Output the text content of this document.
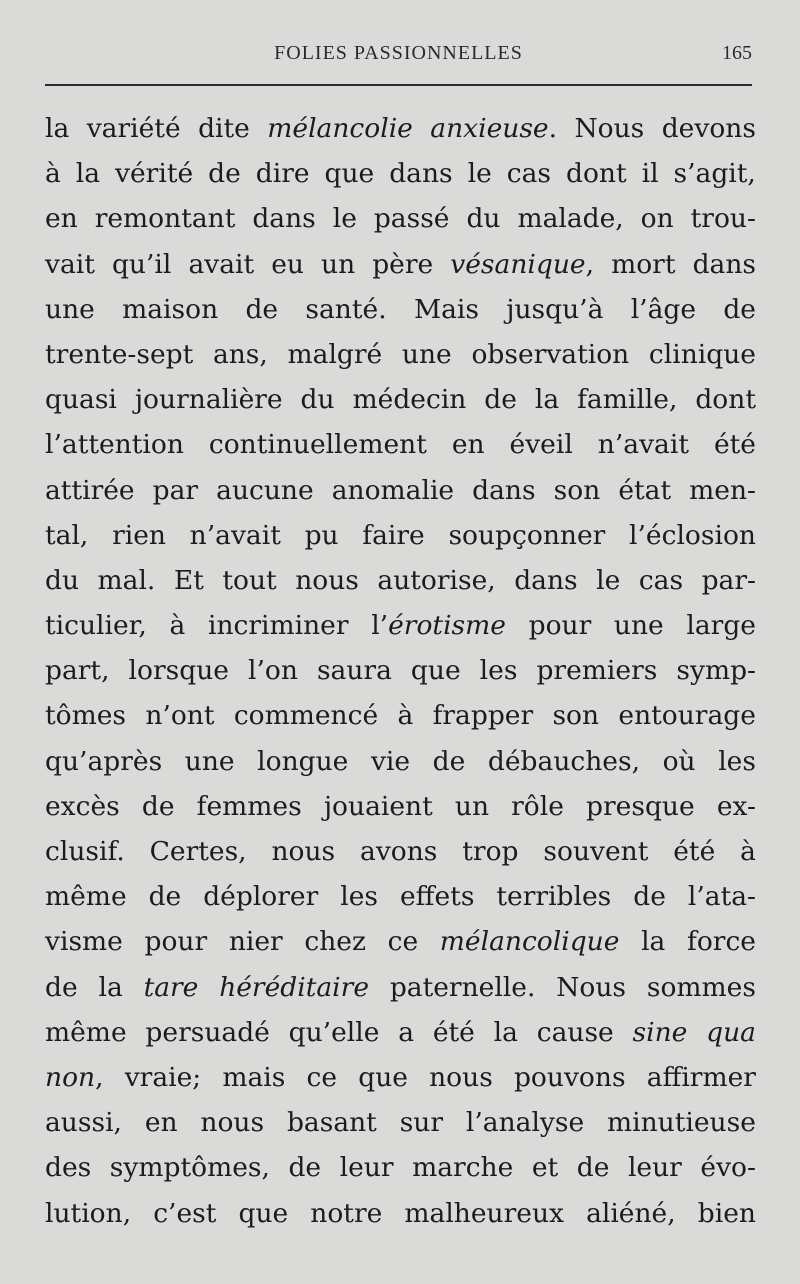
FOLIES PASSIONNELLES	165
la variété dite mélancolie anxieuse. Nous devons
à la vérité de dire que dans le cas dont il s’agit,
en remontant dans le passé du malade, on trou-
vait qu’il avait eu un père vésanique, mort dans
une maison de santé. Mais jusqu’à l’âge de
trente-sept ans, malgré une observation clinique
quasi journalière du médecin de la famille, dont
l’attention continuellement en éveil n’avait été
attirée par aucune anomalie dans son état men-
tal, rien n’avait pu faire soupçonner l’éclosion
du mal. Et tout nous autorise, dans le cas par-
ticulier, à incriminer l’érotisme pour une large
part, lorsque l’on saura que les premiers symp-
tômes n’ont commencé à frapper son entourage
qu’après une longue vie de débauches, où les
excès de femmes jouaient un rôle presque ex-
clusif. Certes, nous avons trop souvent été à
même de déplorer les effets terribles de l’ata-
visme pour nier chez ce mélancolique la force
de la tare héréditaire paternelle. Nous sommes
même persuadé qu’elle a été la cause sine qua
non, vraie; mais ce que nous pouvons affirmer
aussi, en nous basant sur l’analyse minutieuse
des symptômes, de leur marche et de leur évo-
lution, c’est que notre malheureux aliéné, bien
